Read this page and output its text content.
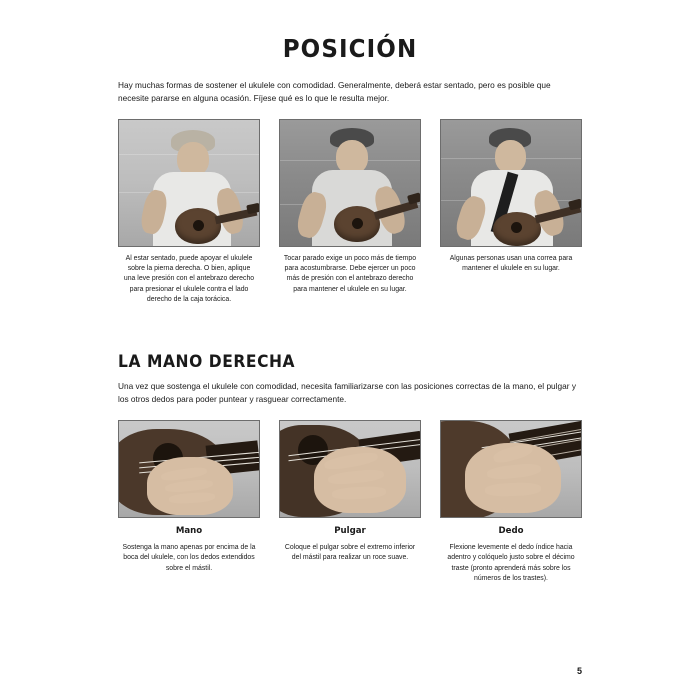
POSICIÓN

Hay muchas formas de sostener el ukulele con comodidad. Generalmente, deberá estar sentado, pero es posible que necesite pararse en alguna ocasión. Fíjese qué es lo que le resulta mejor.

Al estar sentado, puede apoyar el ukulele sobre la pierna derecha. O bien, aplique una leve presión con el antebrazo derecho para presionar el ukulele contra el lado derecho de la caja torácica.

Tocar parado exige un poco más de tiempo para acostumbrarse. Debe ejercer un poco más de presión con el antebrazo derecho para mantener el ukulele en su lugar.

Algunas personas usan una correa para mantener el ukulele en su lugar.

LA MANO DERECHA

Una vez que sostenga el ukulele con comodidad, necesita familiarizarse con las posiciones correctas de la mano, el pulgar y los otros dedos para poder puntear y rasguear correctamente.

Mano

Sostenga la mano apenas por encima de la boca del ukulele, con los dedos extendidos sobre el mástil.

Pulgar

Coloque el pulgar sobre el extremo inferior del mástil para realizar un roce suave.

Dedo

Flexione levemente el dedo índice hacia adentro y colóquelo justo sobre el décimo traste (pronto aprenderá más sobre los números de los trastes).

5
